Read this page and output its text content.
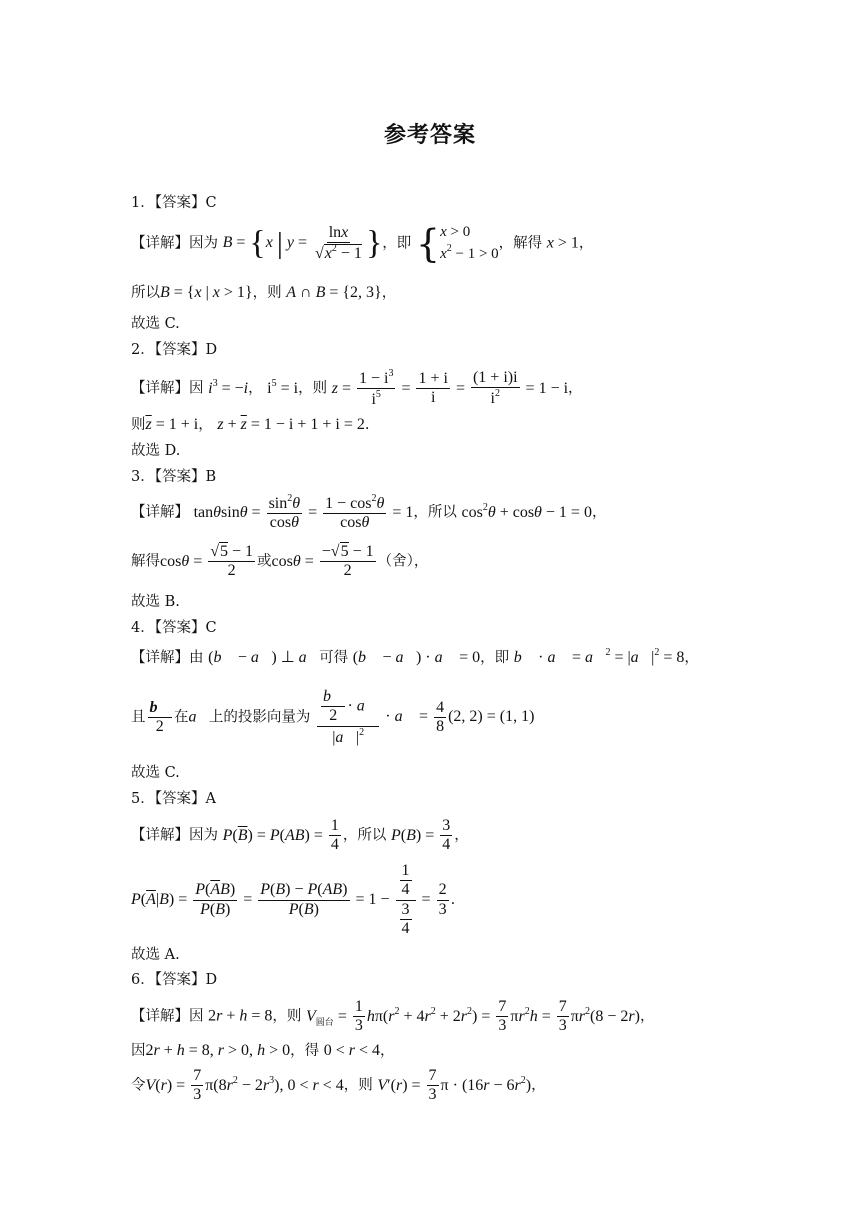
参考答案
1．【答案】C
【详解】因为 B = {x | $y = \frac{\ln x}{√x^2 - 1}$ }，即 { x > 0
$x^2 - 1 > 0$
，解得 x > 1，
所以B = {x | x > 1}，则 A ∩ B = {2, 3}，
故选 C.
2．【答案】D
【详解】因 $i^3 = -i$， $i^5 = i$，则 $z = \frac{1 - i^3}{i^5} = \frac{1 + i}{i} = \frac{(1 + i)i}{i^2} = 1 - i$，
则$\overline{z} = 1 + i$， $z + \overline{z} = 1 - i + 1 + i = 2$.
故选 D.
3．【答案】B
【详解】 $\tan\theta\sin\theta = \frac{\sin^2\theta}{\cos\theta} = \frac{1 - \cos^2\theta}{\cos\theta} = 1$，所以 $\cos^2\theta + \cos\theta - 1 = 0$，
解得$\cos\theta = \frac{√5 - 1}{2}$ 或$\cos\theta = \frac{-√5 - 1}{2}$ （舍），
故选 B.
4．【答案】C
【详解】由 (b⃗ − a⃗) ⊥ a⃗可得 (b⃗ − a⃗) · a⃗ = 0，即 b⃗ · a⃗ = a⃗$^2$ = $|a⃗|^2 = 8$，
且 $\frac{b⃗}{2}$ 在a⃗上的投影向量为 $\frac{\frac{b⃗}{2} \cdot a⃗}{|a⃗|^2}$ · a⃗ = $\frac{4}{8} (2$, 2) = (1, 1)
故选 C.
5．【答案】A
【详解】因为 $P(\overline{B}) = P(AB) = \frac{1}{4}$ ，所以 $P(B) = \frac{3}{4}$ ，
$P(\overline{A}|B) = \frac{P(\overline{A}B)}{P(B)} = \frac{P(B) - P(AB)}{P(B)} = 1 - \frac{\frac{1}{4}}{\frac{3}{4}} = \frac{2}{3}$ .
故选 A.
6．【答案】D
【详解】因 2r + h = 8，则 $V_{圆台} = \frac{1}{3} h\pi(r^2 + 4r^2 + 2r^2) = \frac{7}{3} \pi r^2h = \frac{7}{3} \pi r^2(8 - 2r)$，
因2r + h = 8, r > 0, h > 0，得 0 < r < 4，
令$V(r) = \frac{7}{3} \pi(8r^2 - 2r^3)$, 0 < r < 4，则 $V'(r) = \frac{7}{3}$ $\pi \cdot (16r - 6r^2)$，
